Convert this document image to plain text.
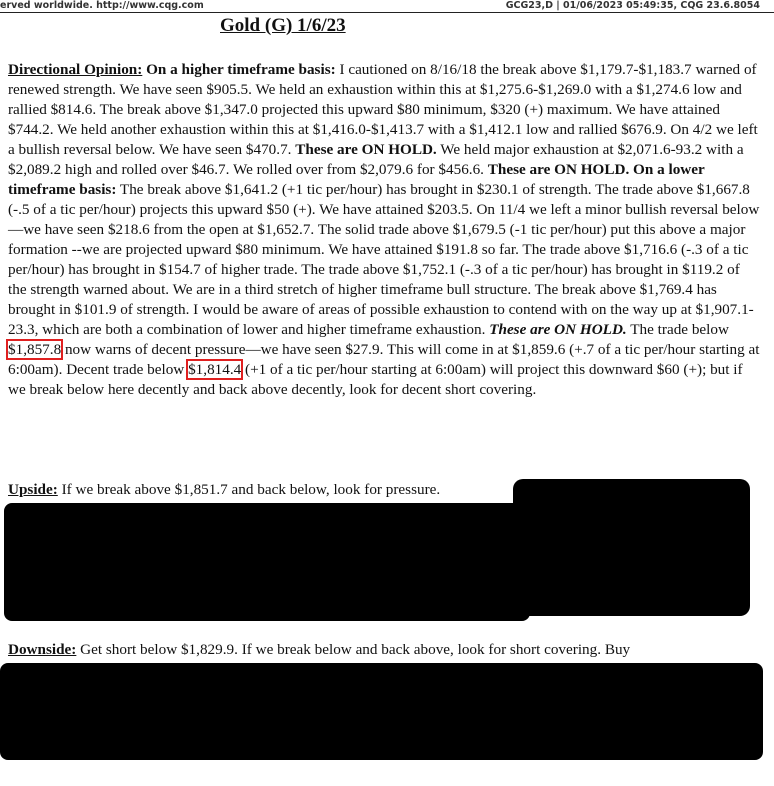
erved worldwide. http://www.cqg.com	GCG23,D | 01/06/2023 05:49:35, CQG 23.6.8054
Gold (G) 1/6/23
Directional Opinion: On a higher timeframe basis: I cautioned on 8/16/18 the break above $1,179.7-$1,183.7 warned of renewed strength. We have seen $905.5. We held an exhaustion within this at $1,275.6-$1,269.0 with a $1,274.6 low and rallied $814.6. The break above $1,347.0 projected this upward $80 minimum, $320 (+) maximum. We have attained $744.2. We held another exhaustion within this at $1,416.0-$1,413.7 with a $1,412.1 low and rallied $676.9. On 4/2 we left a bullish reversal below. We have seen $470.7. These are ON HOLD. We held major exhaustion at $2,071.6-93.2 with a $2,089.2 high and rolled over $46.7. We rolled over from $2,079.6 for $456.6. These are ON HOLD. On a lower timeframe basis: The break above $1,641.2 (+1 tic per/hour) has brought in $230.1 of strength. The trade above $1,667.8 (-.5 of a tic per/hour) projects this upward $50 (+). We have attained $203.5. On 11/4 we left a minor bullish reversal below—we have seen $218.6 from the open at $1,652.7. The solid trade above $1,679.5 (-1 tic per/hour) put this above a major formation --we are projected upward $80 minimum. We have attained $191.8 so far. The trade above $1,716.6 (-.3 of a tic per/hour) has brought in $154.7 of higher trade. The trade above $1,752.1 (-.3 of a tic per/hour) has brought in $119.2 of the strength warned about. We are in a third stretch of higher timeframe bull structure. The break above $1,769.4 has brought in $101.9 of strength. I would be aware of areas of possible exhaustion to contend with on the way up at $1,907.1-23.3, which are both a combination of lower and higher timeframe exhaustion. These are ON HOLD. The trade below $1,857.8 now warns of decent pressure—we have seen $27.9. This will come in at $1,859.6 (+.7 of a tic per/hour starting at 6:00am). Decent trade below $1,814.4 (+1 of a tic per/hour starting at 6:00am) will project this downward $60 (+); but if we break below here decently and back above decently, look for decent short covering.
Upside: If we break above $1,851.7 and back below, look for pressure.
Downside: Get short below $1,829.9. If we break below and back above, look for short covering. Buy
